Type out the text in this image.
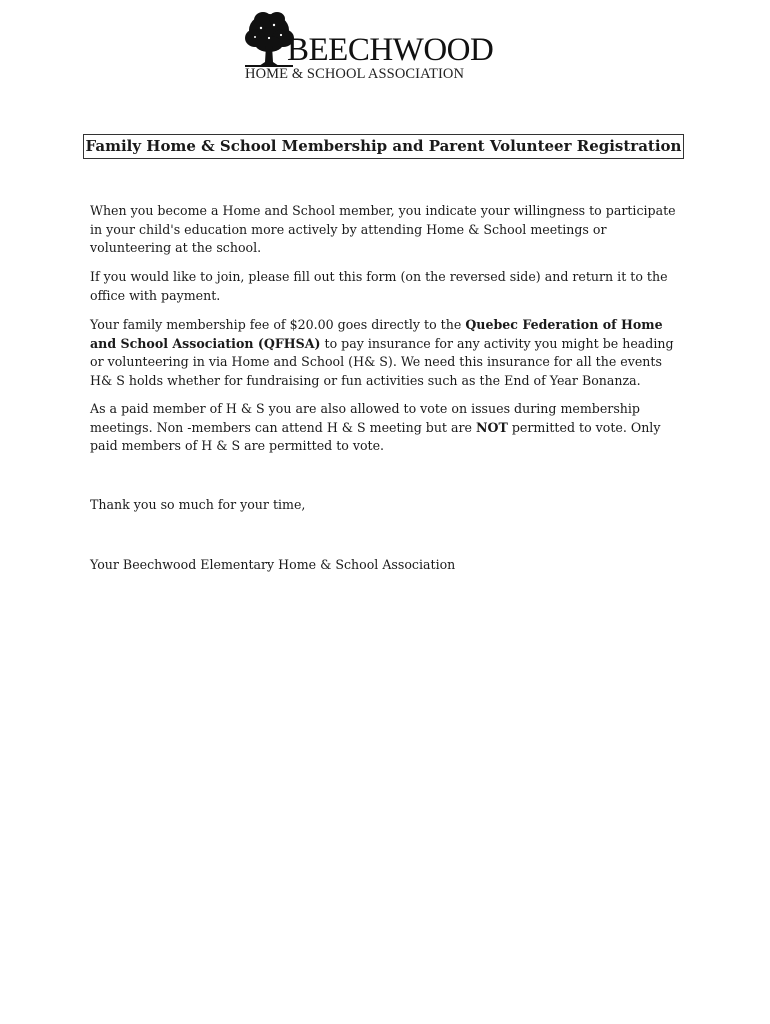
BEECHWOOD
HOME & SCHOOL ASSOCIATION
Family Home & School Membership and Parent Volunteer Registration

When you become a Home and School member, you indicate your willingness to participate
in your child's education more actively by attending Home & School meetings or
volunteering at the school.

If you would like to join, please fill out this form (on the reversed side) and return it to the
office with payment.

Your family membership fee of $20.00 goes directly to the Quebec Federation of Home
and School Association (QFHSA) to pay insurance for any activity you might be heading
or volunteering in via Home and School (H& S). We need this insurance for all the events
H& S holds whether for fundraising or fun activities such as the End of Year Bonanza.

As a paid member of H & S you are also allowed to vote on issues during membership
meetings. Non -members can attend H & S meeting but are NOT permitted to vote. Only
paid members of H & S are permitted to vote.

Thank you so much for your time,

Your Beechwood Elementary Home & School Association
